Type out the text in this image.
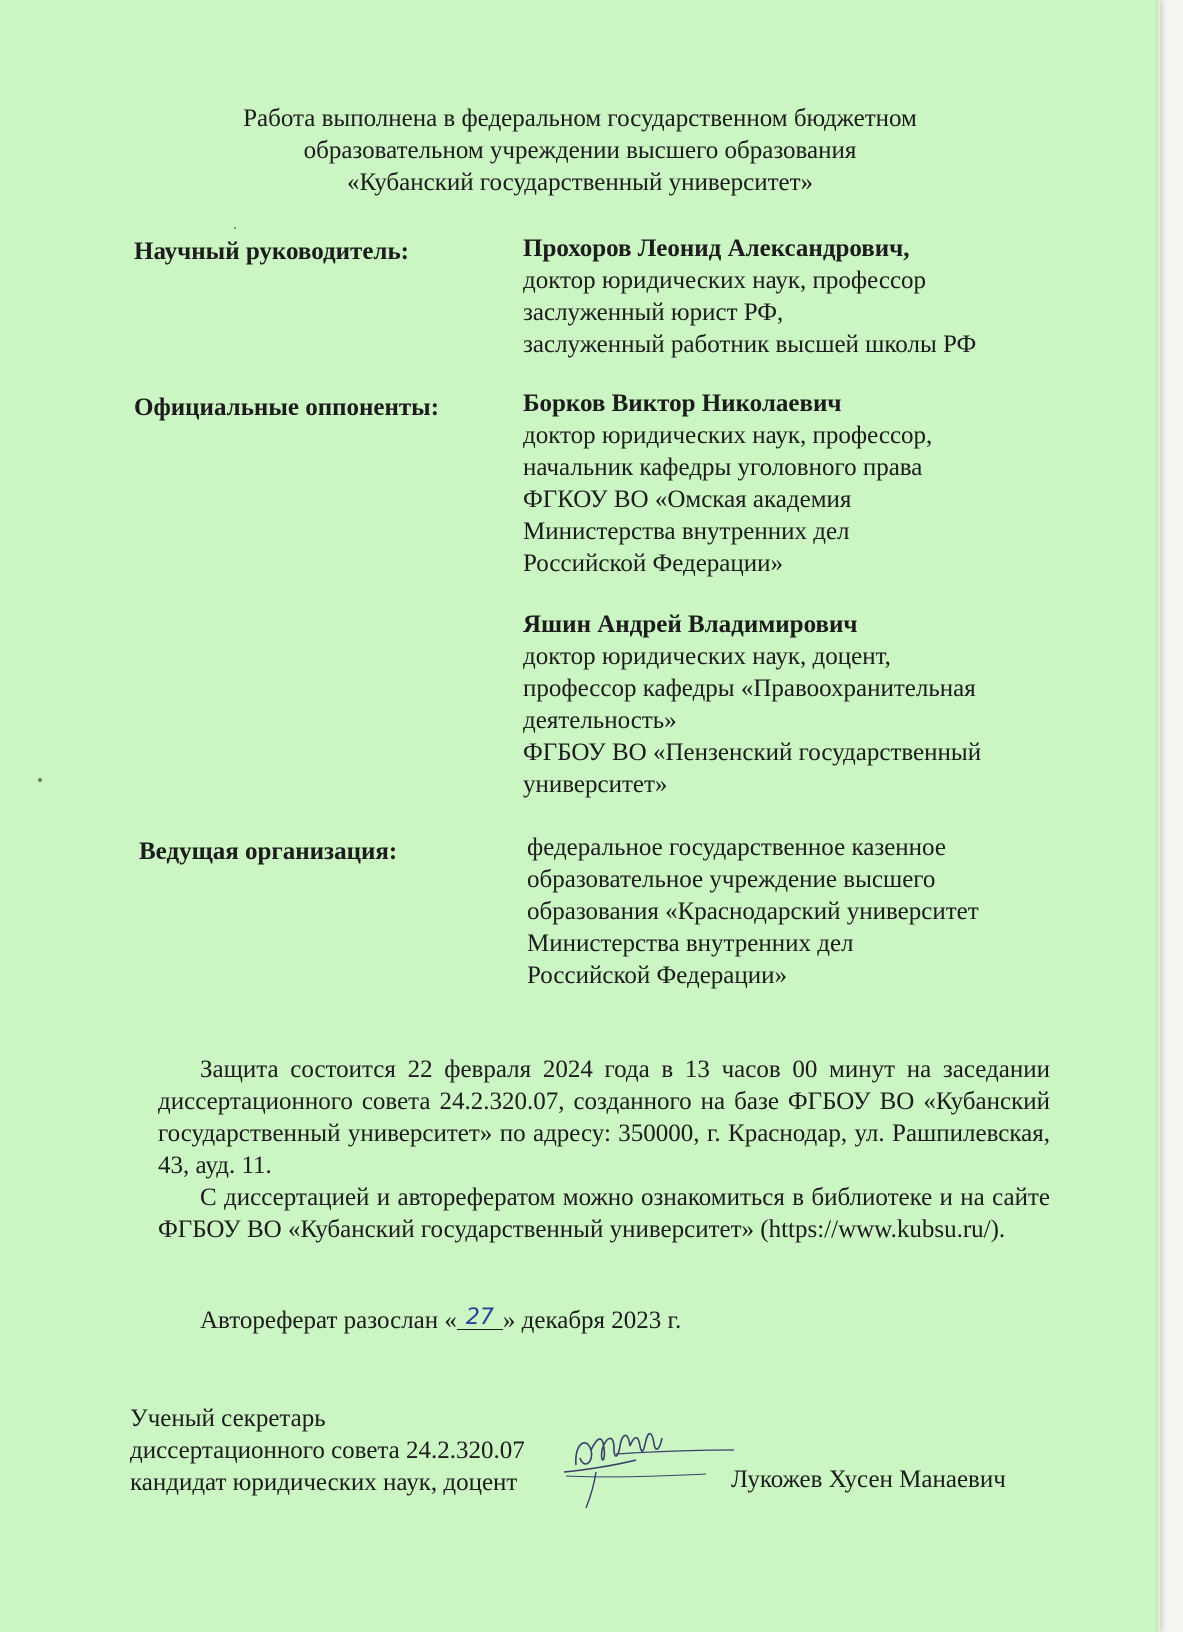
Работа выполнена в федеральном государственном бюджетном
образовательном учреждении высшего образования
«Кубанский государственный университет»
Научный руководитель:	Прохоров Леонид Александрович,
доктор юридических наук, профессор
заслуженный юрист РФ,
заслуженный работник высшей школы РФ
Официальные оппоненты:	Борков Виктор Николаевич
доктор юридических наук, профессор,
начальник кафедры уголовного права
ФГКОУ ВО «Омская академия
Министерства внутренних дел
Российской Федерации»
Яшин Андрей Владимирович
доктор юридических наук, доцент,
профессор кафедры «Правоохранительная
деятельность»
ФГБОУ ВО «Пензенский государственный
университет»
Ведущая организация:	федеральное государственное казенное
образовательное учреждение высшего
образования «Краснодарский университет
Министерства внутренних дел
Российской Федерации»

Защита состоится 22 февраля 2024 года в 13 часов 00 минут на заседании диссертационного совета 24.2.320.07, созданного на базе ФГБОУ ВО «Кубанский государственный университет» по адресу: 350000, г. Краснодар, ул. Рашпилевская, 43, ауд. 11.

С диссертацией и авторефератом можно ознакомиться в библиотеке и на сайте ФГБОУ ВО «Кубанский государственный университет» (https://www.kubsu.ru/).

Автореферат разослан « 27 » декабря 2023 г.
Ученый секретарь
диссертационного совета 24.2.320.07
кандидат юридических наук, доцент	Лукожев Хусен Манаевич
